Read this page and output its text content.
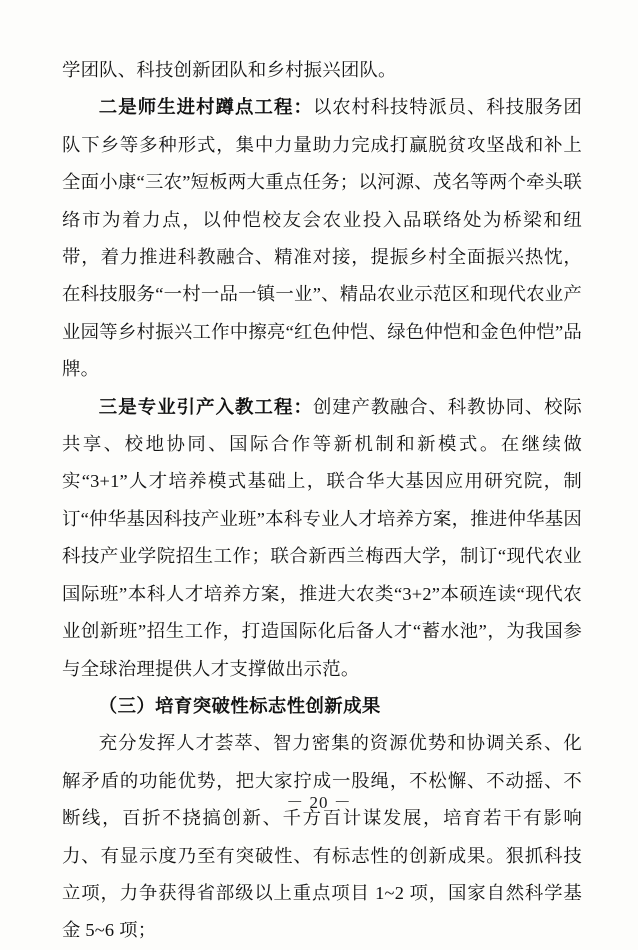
学团队、科技创新团队和乡村振兴团队。

二是师生进村蹲点工程：以农村科技特派员、科技服务团队下乡等多种形式，集中力量助力完成打赢脱贫攻坚战和补上全面小康“三农”短板两大重点任务；以河源、茂名等两个牵头联络市为着力点，以仲恺校友会农业投入品联络处为桥梁和纽带，着力推进科教融合、精准对接，提振乡村全面振兴热忱，在科技服务“一村一品一镇一业”、精品农业示范区和现代农业产业园等乡村振兴工作中擦亮“红色仲恺、绿色仲恺和金色仲恺”品牌。

三是专业引产入教工程：创建产教融合、科教协同、校际共享、校地协同、国际合作等新机制和新模式。在继续做实“3+1”人才培养模式基础上，联合华大基因应用研究院，制订“仲华基因科技产业班”本科专业人才培养方案，推进仲华基因科技产业学院招生工作；联合新西兰梅西大学，制订“现代农业国际班”本科人才培养方案，推进大农类“3+2”本硕连读“现代农业创新班”招生工作，打造国际化后备人才“蓄水池”，为我国参与全球治理提供人才支撑做出示范。

（三）培育突破性标志性创新成果

充分发挥人才荟萃、智力密集的资源优势和协调关系、化解矛盾的功能优势，把大家拧成一股绳，不松懈、不动摇、不断线，百折不挠搞创新、千方百计谋发展，培育若干有影响力、有显示度乃至有突破性、有标志性的创新成果。狠抓科技立项，力争获得省部级以上重点项目 1~2 项，国家自然科学基金 5~6 项；

－ 20 －
